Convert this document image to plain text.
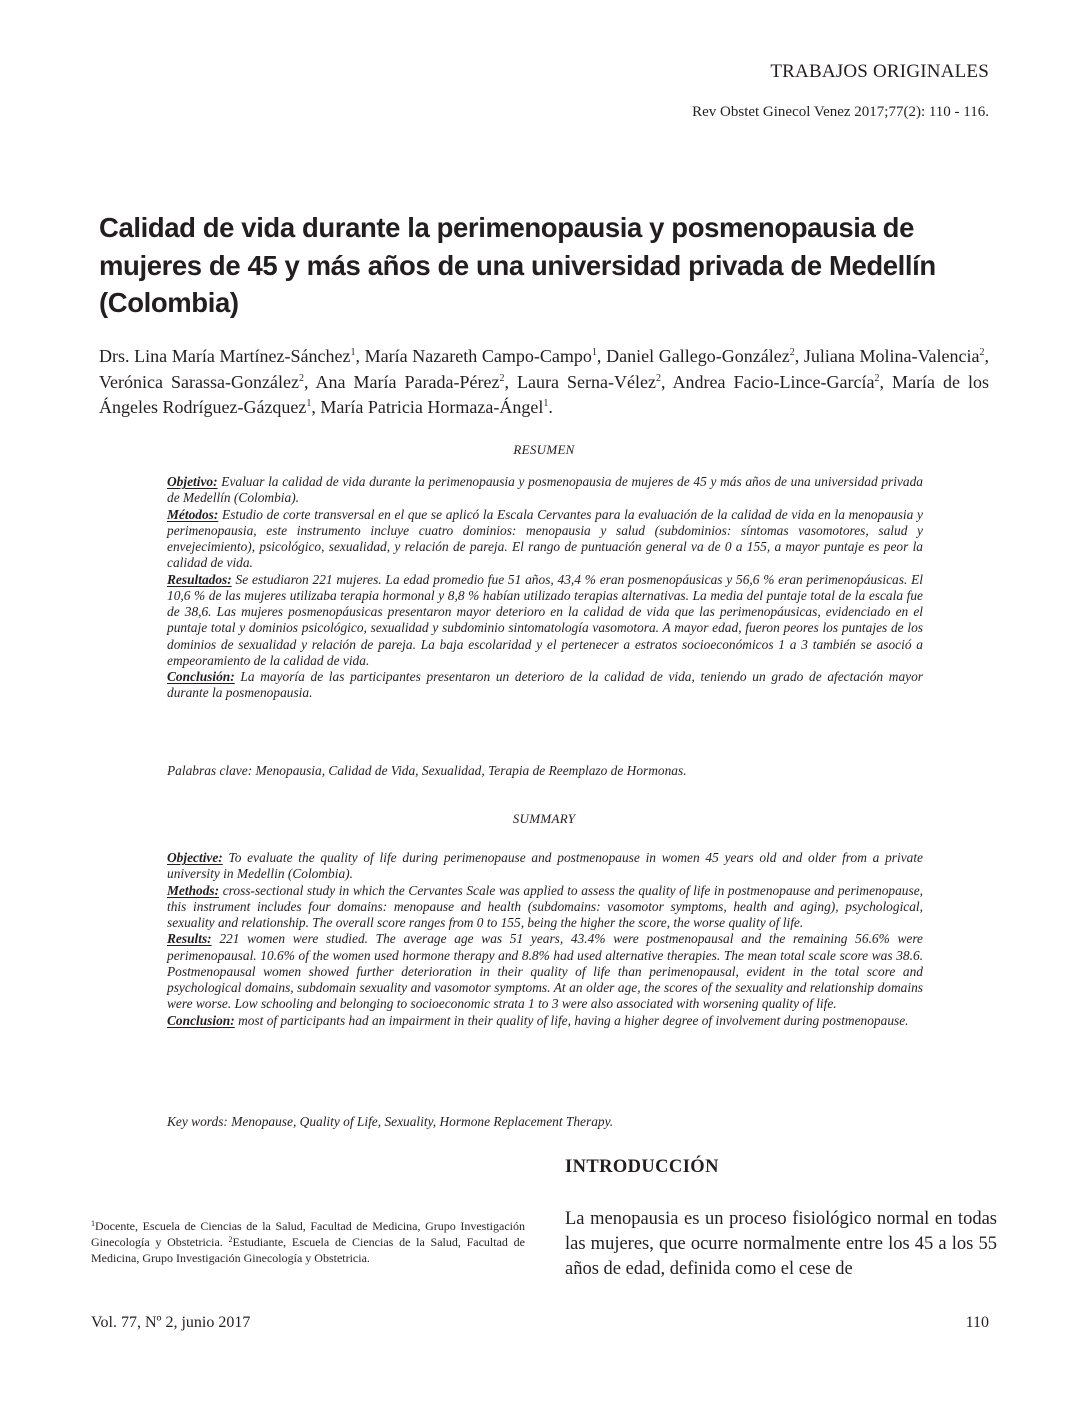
TRABAJOS ORIGINALES
Rev Obstet Ginecol Venez 2017;77(2): 110 - 116.
Calidad de vida durante la perimenopausia y posmenopausia de mujeres de 45 y más años de una universidad privada de Medellín (Colombia)

Drs. Lina María Martínez-Sánchez$^1$, María Nazareth Campo-Campo$^1$, Daniel Gallego-González$^2$, Juliana Molina-Valencia$^2$, Verónica Sarassa-González$^2$, Ana María Parada-Pérez$^2$, Laura Serna-Vélez$^2$, Andrea Facio-Lince-García$^2$, María de los Ángeles Rodríguez-Gázquez$^1$, María Patricia Hormaza-Ángel$^1$.

RESUMEN

Objetivo: Evaluar la calidad de vida durante la perimenopausia y posmenopausia de mujeres de 45 y más años de una universidad privada de Medellín (Colombia).

Métodos: Estudio de corte transversal en el que se aplicó la Escala Cervantes para la evaluación de la calidad de vida en la menopausia y perimenopausia, este instrumento incluye cuatro dominios: menopausia y salud (subdominios: síntomas vasomotores, salud y envejecimiento), psicológico, sexualidad, y relación de pareja. El rango de puntuación general va de 0 a 155, a mayor puntaje es peor la calidad de vida.

Resultados: Se estudiaron 221 mujeres. La edad promedio fue 51 años, 43,4 % eran posmenopáusicas y 56,6 % eran perimenopáusicas. El 10,6 % de las mujeres utilizaba terapia hormonal y 8,8 % habían utilizado terapias alternativas. La media del puntaje total de la escala fue de 38,6. Las mujeres posmenopáusicas presentaron mayor deterioro en la calidad de vida que las perimenopáusicas, evidenciado en el puntaje total y dominios psicológico, sexualidad y subdominio sintomatología vasomotora. A mayor edad, fueron peores los puntajes de los dominios de sexualidad y relación de pareja. La baja escolaridad y el pertenecer a estratos socioeconómicos 1 a 3 también se asoció a empeoramiento de la calidad de vida.

Conclusión: La mayoría de las participantes presentaron un deterioro de la calidad de vida, teniendo un grado de afectación mayor durante la posmenopausia.

Palabras clave: Menopausia, Calidad de Vida, Sexualidad, Terapia de Reemplazo de Hormonas.

SUMMARY

Objective: To evaluate the quality of life during perimenopause and postmenopause in women 45 years old and older from a private university in Medellin (Colombia).

Methods: cross-sectional study in which the Cervantes Scale was applied to assess the quality of life in postmenopause and perimenopause, this instrument includes four domains: menopause and health (subdomains: vasomotor symptoms, health and aging), psychological, sexuality and relationship. The overall score ranges from 0 to 155, being the higher the score, the worse quality of life.

Results: 221 women were studied. The average age was 51 years, 43.4% were postmenopausal and the remaining 56.6% were perimenopausal. 10.6% of the women used hormone therapy and 8.8% had used alternative therapies. The mean total scale score was 38.6. Postmenopausal women showed further deterioration in their quality of life than perimenopausal, evident in the total score and psychological domains, subdomain sexuality and vasomotor symptoms. At an older age, the scores of the sexuality and relationship domains were worse. Low schooling and belonging to socioeconomic strata 1 to 3 were also associated with worsening quality of life.

Conclusion: most of participants had an impairment in their quality of life, having a higher degree of involvement during postmenopause.

Key words: Menopause, Quality of Life, Sexuality, Hormone Replacement Therapy.

INTRODUCCIÓN

La menopausia es un proceso fisiológico normal en todas las mujeres, que ocurre normalmente entre los 45 a los 55 años de edad, definida como el cese de

$^1$Docente, Escuela de Ciencias de la Salud, Facultad de Medicina, Grupo Investigación Ginecología y Obstetricia. $^2$Estudiante, Escuela de Ciencias de la Salud, Facultad de Medicina, Grupo Investigación Ginecología y Obstetricia.

Vol. 77, Nº 2, junio 2017	110
